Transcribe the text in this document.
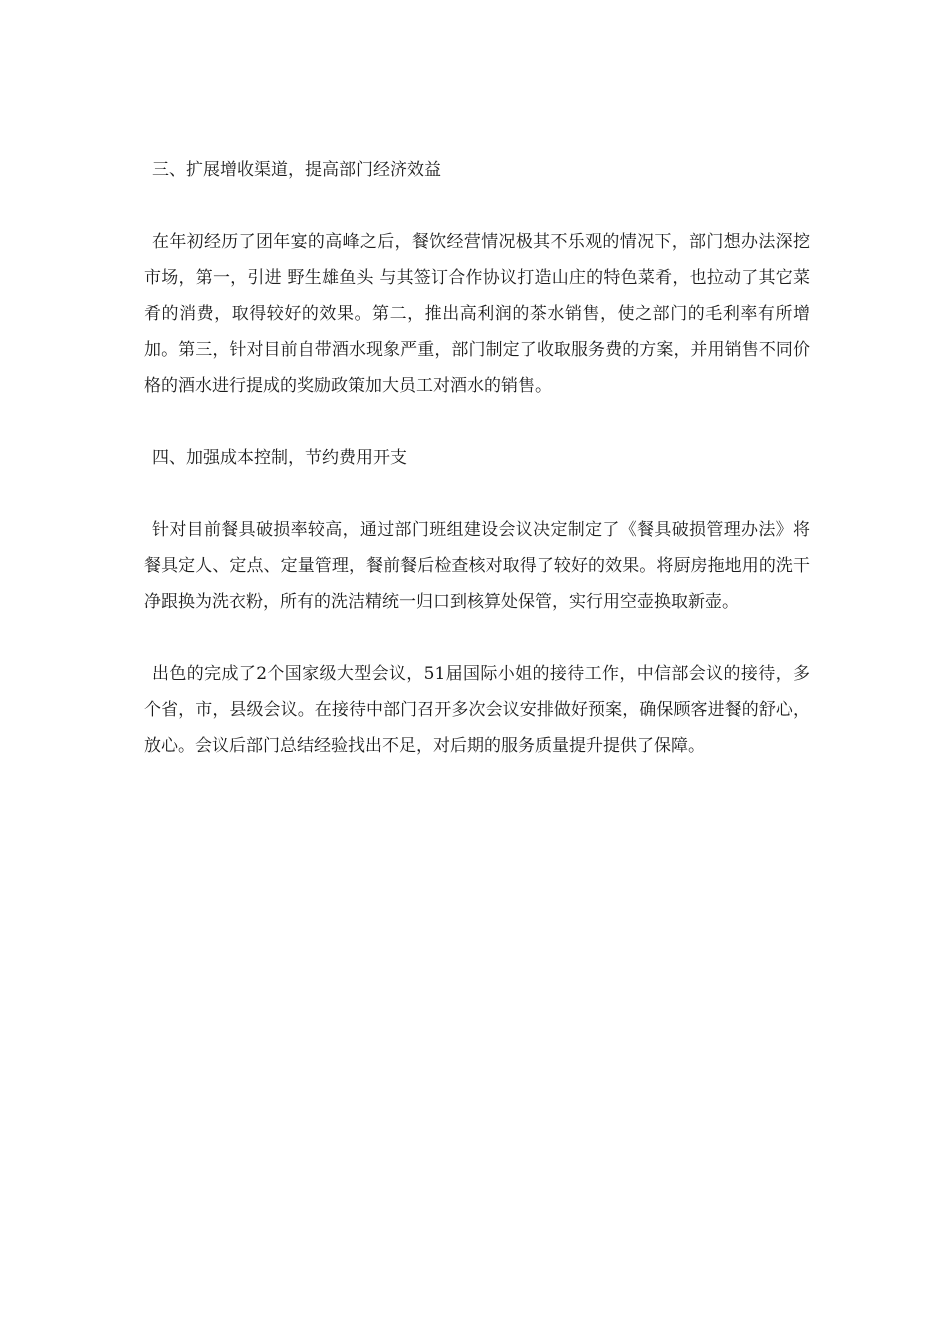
三、扩展增收渠道，提高部门经济效益

在年初经历了团年宴的高峰之后，餐饮经营情况极其不乐观的情况下，部门想办法深挖市场，第一，引进 野生雄鱼头 与其签订合作协议打造山庄的特色菜肴，也拉动了其它菜肴的消费，取得较好的效果。第二，推出高利润的茶水销售，使之部门的毛利率有所增加。第三，针对目前自带酒水现象严重，部门制定了收取服务费的方案，并用销售不同价格的酒水进行提成的奖励政策加大员工对酒水的销售。

四、加强成本控制，节约费用开支

针对目前餐具破损率较高，通过部门班组建设会议决定制定了《餐具破损管理办法》将餐具定人、定点、定量管理，餐前餐后检查核对取得了较好的效果。将厨房拖地用的洗干净跟换为洗衣粉，所有的洗洁精统一归口到核算处保管，实行用空壶换取新壶。

出色的完成了2个国家级大型会议，51届国际小姐的接待工作，中信部会议的接待，多个省，市，县级会议。在接待中部门召开多次会议安排做好预案，确保顾客进餐的舒心，放心。会议后部门总结经验找出不足，对后期的服务质量提升提供了保障。
